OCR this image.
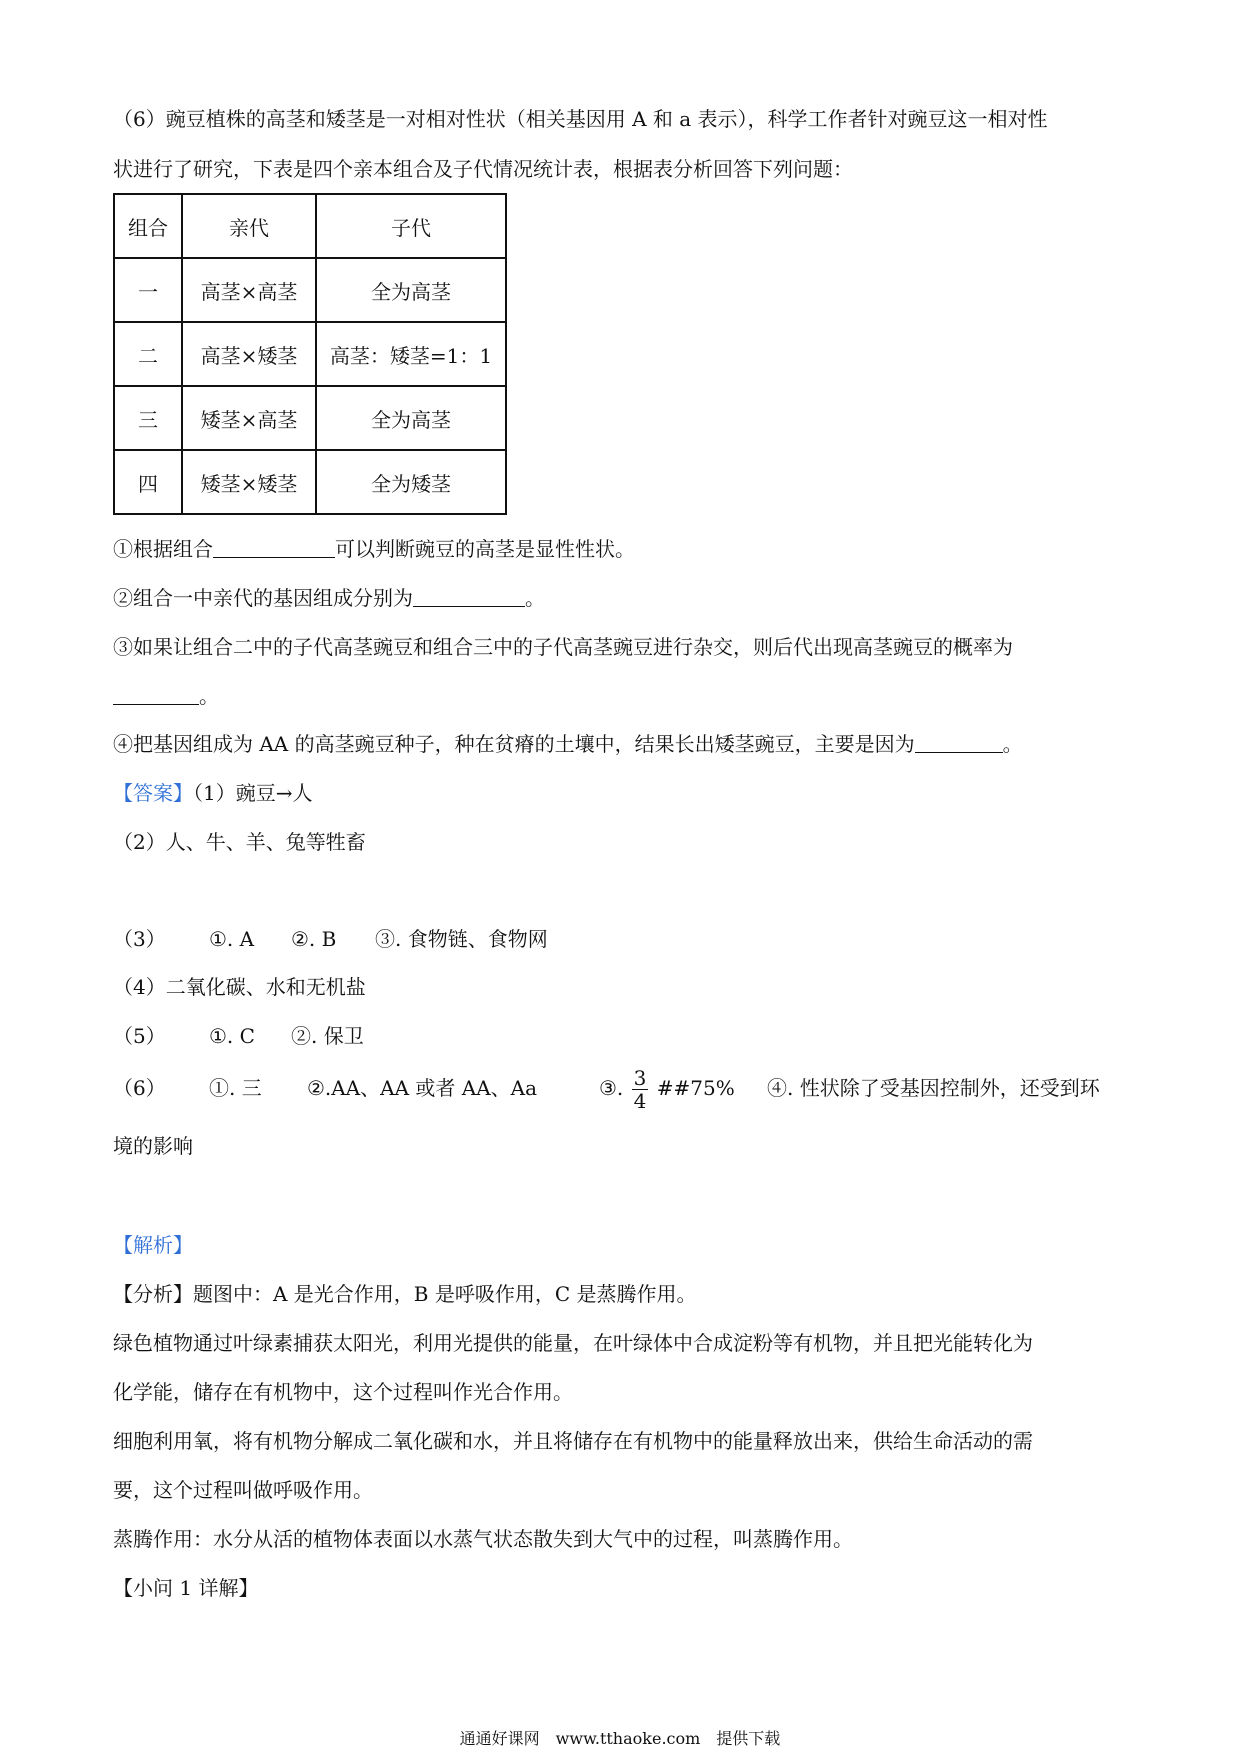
（6）豌豆植株的高茎和矮茎是一对相对性状（相关基因用 A 和 a 表示），科学工作者针对豌豆这一相对性
状进行了研究，下表是四个亲本组合及子代情况统计表，根据表分析回答下列问题：
组合	亲代	子代
一	高茎×高茎	全为高茎
二	高茎×矮茎	高茎：矮茎=1：1
三	矮茎×高茎	全为高茎
四	矮茎×矮茎	全为矮茎
①根据组合	可以判断豌豆的高茎是显性性状。
②组合一中亲代的基因组成分别为	。
③如果让组合二中的子代高茎豌豆和组合三中的子代高茎豌豆进行杂交，则后代出现高茎豌豆的概率为
。
④把基因组成为 AA 的高茎豌豆种子，种在贫瘠的土壤中，结果长出矮茎豌豆，主要是因为	。
【答案】（1）豌豆→人
（2）人、牛、羊、兔等牲畜
（3） ①. A ②. B ③. 食物链、食物网
（4）二氧化碳、水和无机盐
（5） ①. C ②. 保卫
（6） ①. 三 ②.AA、AA 或者 AA、Aa	③. $\frac{3}{4}$ ##75% ④. 性状除了受基因控制外，还受到环
境的影响
【解析】
【分析】题图中：A 是光合作用，B 是呼吸作用，C 是蒸腾作用。
绿色植物通过叶绿素捕获太阳光，利用光提供的能量，在叶绿体中合成淀粉等有机物，并且把光能转化为
化学能，储存在有机物中，这个过程叫作光合作用。
细胞利用氧，将有机物分解成二氧化碳和水，并且将储存在有机物中的能量释放出来，供给生命活动的需
要，这个过程叫做呼吸作用。
蒸腾作用：水分从活的植物体表面以水蒸气状态散失到大气中的过程，叫蒸腾作用。
【小问 1 详解】
通通好课网　www.tthaoke.com　提供下载
